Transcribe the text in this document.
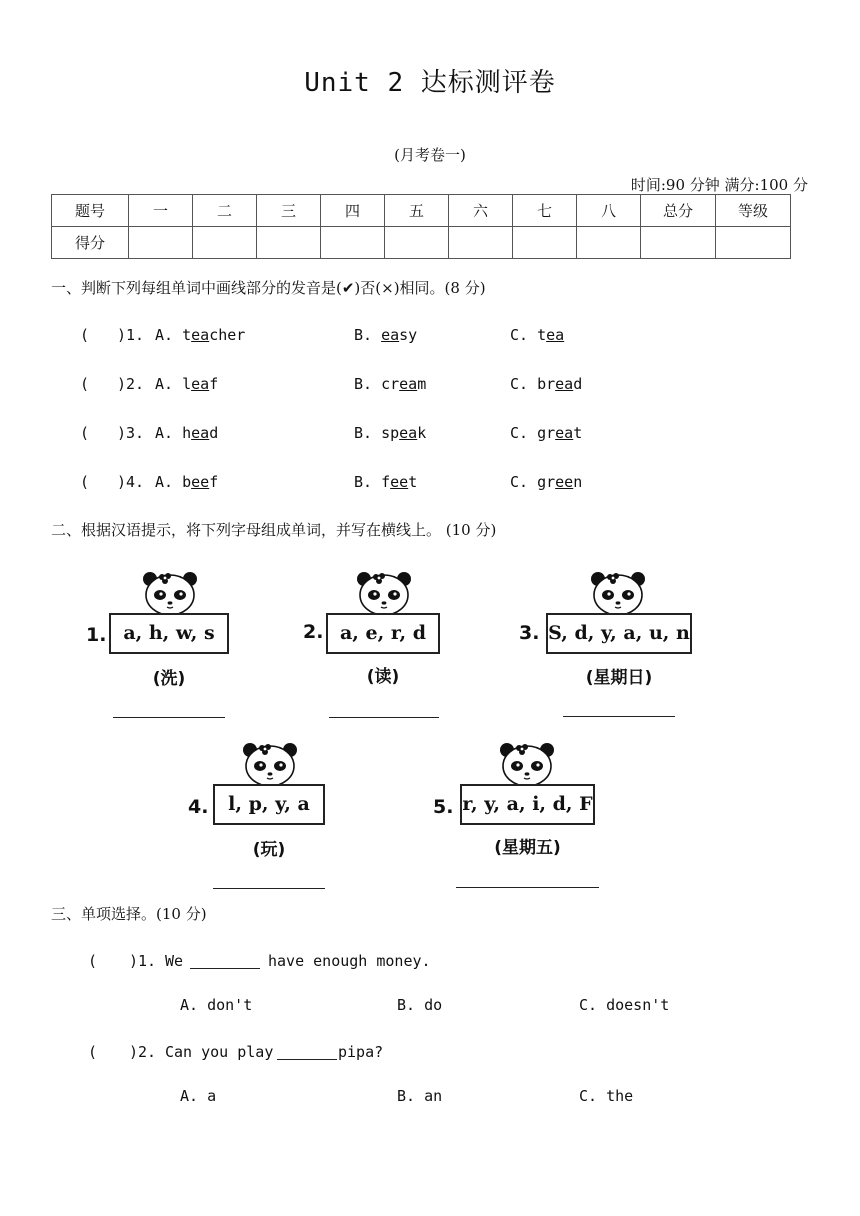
Unit 2 达标测评卷
(月考卷一)
时间:90 分钟 满分:100 分
题号	一	二	三	四	五	六	七	八	总分	等级
得分										
一、判断下列每组单词中画线部分的发音是(✔)否(×)相同。(8 分)
( )1. A. teacher	B. easy	C. tea
( )2. A. leaf	B. cream	C. bread
( )3. A. head	B. speak	C. great
( )4. A. beef	B. feet	C. green
二、根据汉语提示，将下列字母组成单词，并写在横线上。 (10 分)
1. a, h, w, s
(洗)
2. a, e, r, d
(读)
3. S, d, y, a, u, n
(星期日)
4.	l, p, y, a
(玩)
5. r, y, a, i, d, F
(星期五)
三、单项选择。(10 分)
( )1. We	have enough money.
A. don't	B. do	C. doesn't
( )2. Can you play	pipa?
A. a	B. an	C. the
